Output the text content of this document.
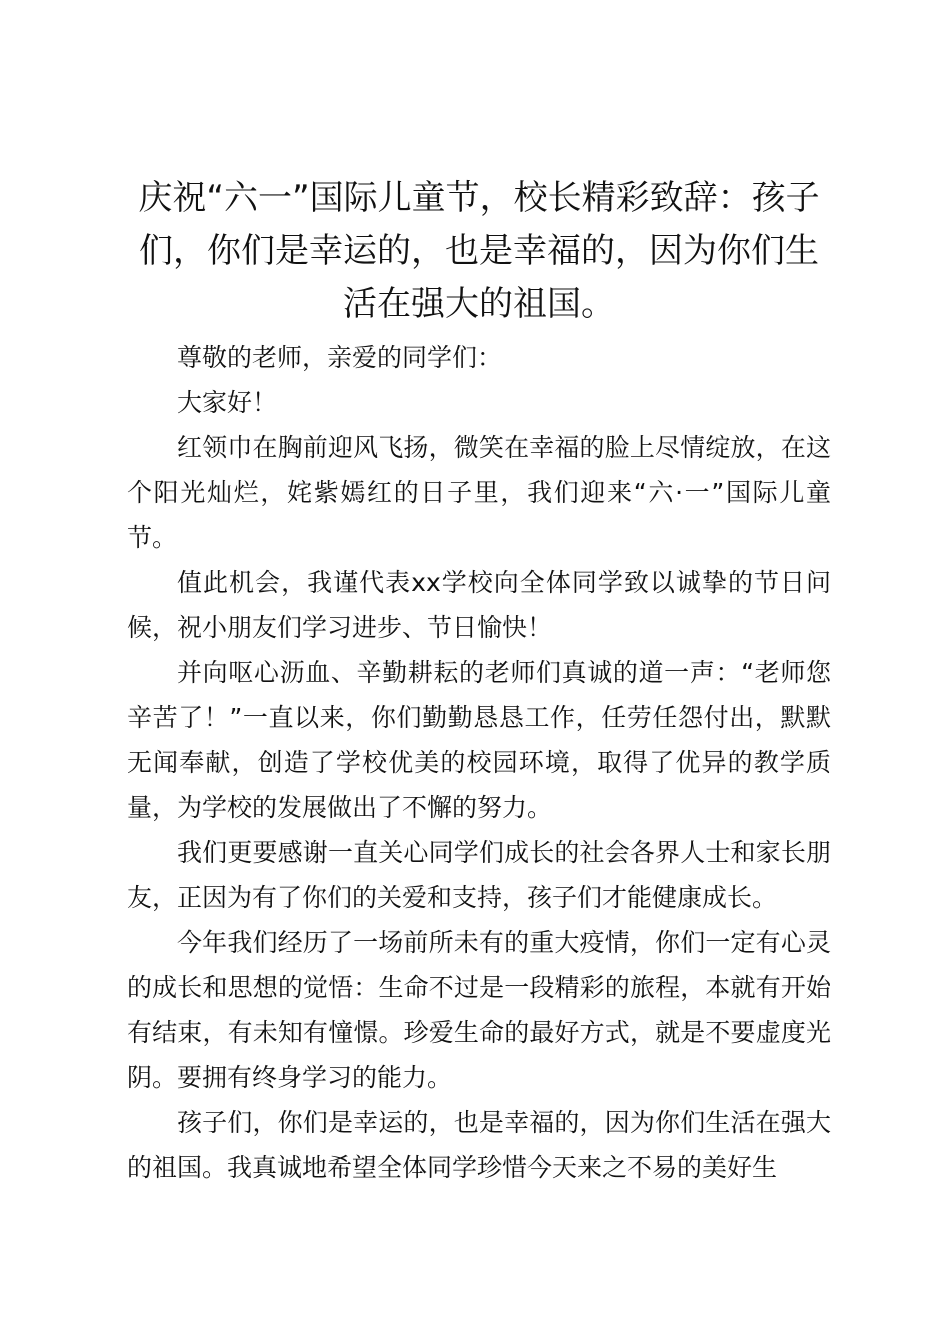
庆祝“六一”国际儿童节，校长精彩致辞：孩子们，你们是幸运的，也是幸福的，因为你们生活在强大的祖国。

尊敬的老师，亲爱的同学们：

大家好！

红领巾在胸前迎风飞扬，微笑在幸福的脸上尽情绽放，在这个阳光灿烂，姹紫嫣红的日子里，我们迎来“六·一”国际儿童节。

值此机会，我谨代表xx学校向全体同学致以诚挚的节日问候，祝小朋友们学习进步、节日愉快！

并向呕心沥血、辛勤耕耘的老师们真诚的道一声：“老师您辛苦了！”一直以来，你们勤勤恳恳工作，任劳任怨付出，默默无闻奉献，创造了学校优美的校园环境，取得了优异的教学质量，为学校的发展做出了不懈的努力。

我们更要感谢一直关心同学们成长的社会各界人士和家长朋友，正因为有了你们的关爱和支持，孩子们才能健康成长。

今年我们经历了一场前所未有的重大疫情，你们一定有心灵的成长和思想的觉悟：生命不过是一段精彩的旅程，本就有开始有结束，有未知有憧憬。珍爱生命的最好方式，就是不要虚度光阴。要拥有终身学习的能力。

孩子们，你们是幸运的，也是幸福的，因为你们生活在强大的祖国。我真诚地希望全体同学珍惜今天来之不易的美好生
